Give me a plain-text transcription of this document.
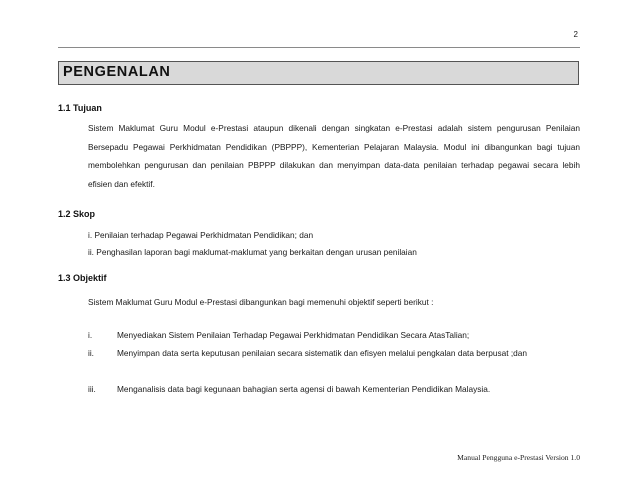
2
PENGENALAN
1.1 Tujuan
Sistem Maklumat Guru Modul e-Prestasi ataupun dikenali dengan singkatan e-Prestasi adalah sistem pengurusan Penilaian Bersepadu Pegawai Perkhidmatan Pendidikan (PBPPP), Kementerian Pelajaran Malaysia. Modul ini dibangunkan bagi tujuan membolehkan pengurusan dan penilaian PBPPP dilakukan dan menyimpan data-data penilaian terhadap pegawai secara lebih efisien dan efektif.
1.2 Skop
i. Penilaian terhadap Pegawai Perkhidmatan Pendidikan; dan
ii. Penghasilan laporan bagi maklumat-maklumat yang berkaitan dengan urusan penilaian
1.3 Objektif
Sistem Maklumat Guru Modul e-Prestasi dibangunkan bagi memenuhi objektif seperti berikut :
i.	Menyediakan Sistem Penilaian Terhadap Pegawai Perkhidmatan Pendidikan Secara AtasTalian;
ii.	Menyimpan data serta keputusan penilaian secara sistematik dan efisyen melalui pengkalan data berpusat ;dan
iii.	Menganalisis data bagi kegunaan bahagian serta agensi di bawah Kementerian Pendidikan Malaysia.
Manual Pengguna e-Prestasi Version 1.0
